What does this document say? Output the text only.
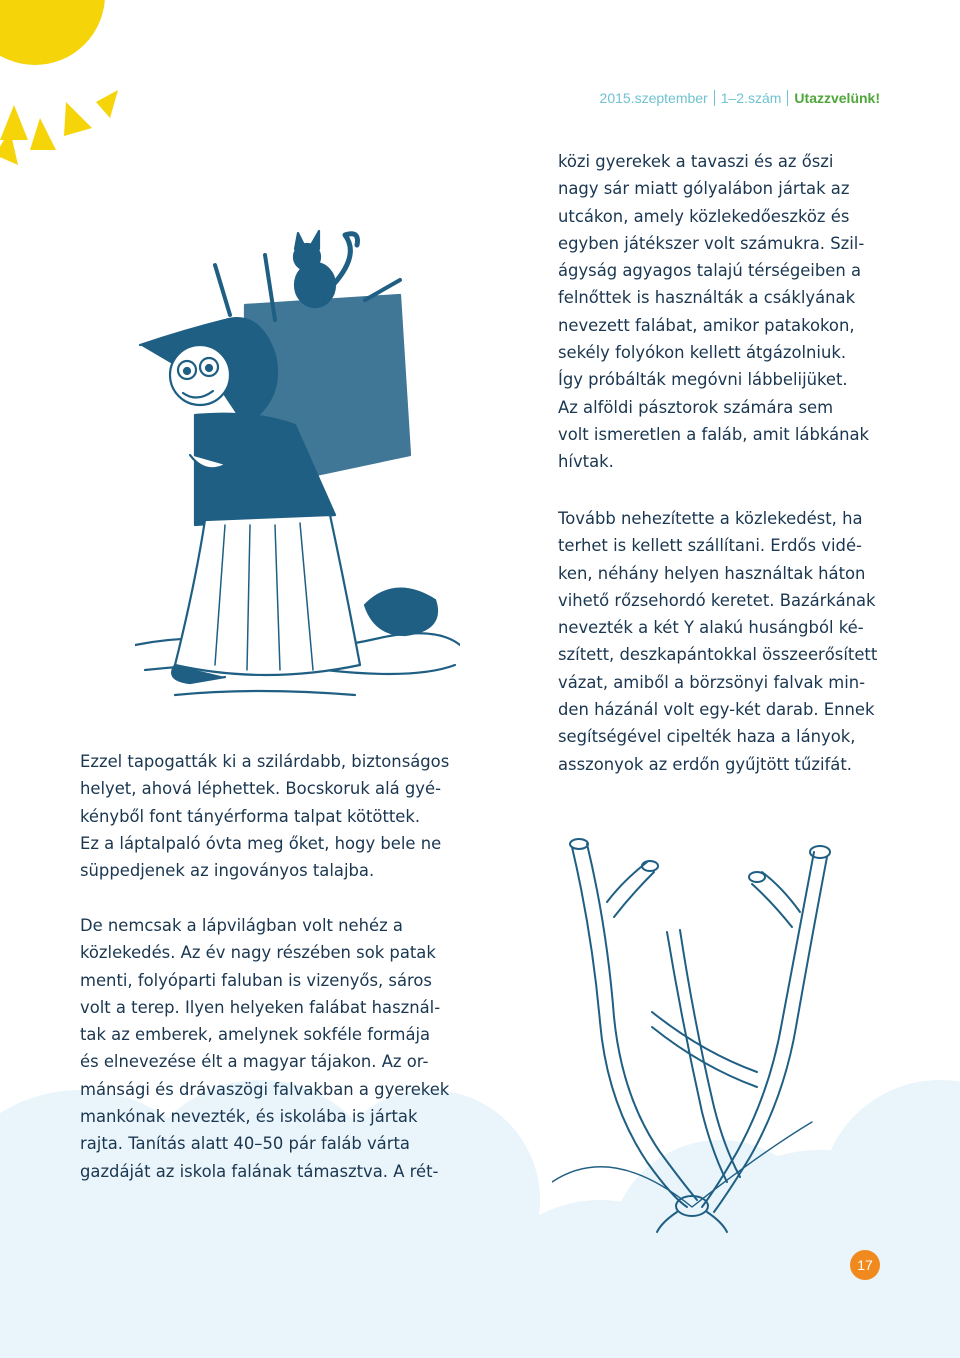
2015.szeptember 1–2.szám Utazzvelünk!
közi gyerekek a tavaszi és az őszi
nagy sár miatt gólyalábon jártak az
utcákon, amely közlekedőeszköz és
egyben játékszer volt számukra. Szil-
ágyság agyagos talajú térségeiben a
felnőttek is használták a csáklyának
nevezett falábat, amikor patakokon,
sekély folyókon kellett átgázolniuk.
Így próbálták megóvni lábbelijüket.
Az alföldi pásztorok számára sem
volt ismeretlen a faláb, amit lábkának
hívtak.
Tovább nehezítette a közlekedést, ha
terhet is kellett szállítani. Erdős vidé-
ken, néhány helyen használtak háton
vihető rőzsehordó keretet. Bazárkának
nevezték a két Y alakú husángból ké-
szített, deszkapántokkal összeerősített
vázat, amiből a börzsönyi falvak min-
den házánál volt egy-két darab. Ennek
segítségével cipelték haza a lányok,
asszonyok az erdőn gyűjtött tűzifát.
Ezzel tapogatták ki a szilárdabb, biztonságos
helyet, ahová léphettek. Bocskoruk alá gyé-
kényből font tányérforma talpat kötöttek.
Ez a láptalpaló óvta meg őket, hogy bele ne
süppedjenek az ingoványos talajba.
De nemcsak a lápvilágban volt nehéz a
közlekedés. Az év nagy részében sok patak
menti, folyóparti faluban is vizenyős, sáros
volt a terep. Ilyen helyeken falábat használ-
tak az emberek, amelynek sokféle formája
és elnevezése élt a magyar tájakon. Az or-
mánsági és drávaszögi falvakban a gyerekek
mankónak nevezték, és iskolába is jártak
rajta. Tanítás alatt 40–50 pár faláb várta
gazdáját az iskola falának támasztva. A rét-
17
